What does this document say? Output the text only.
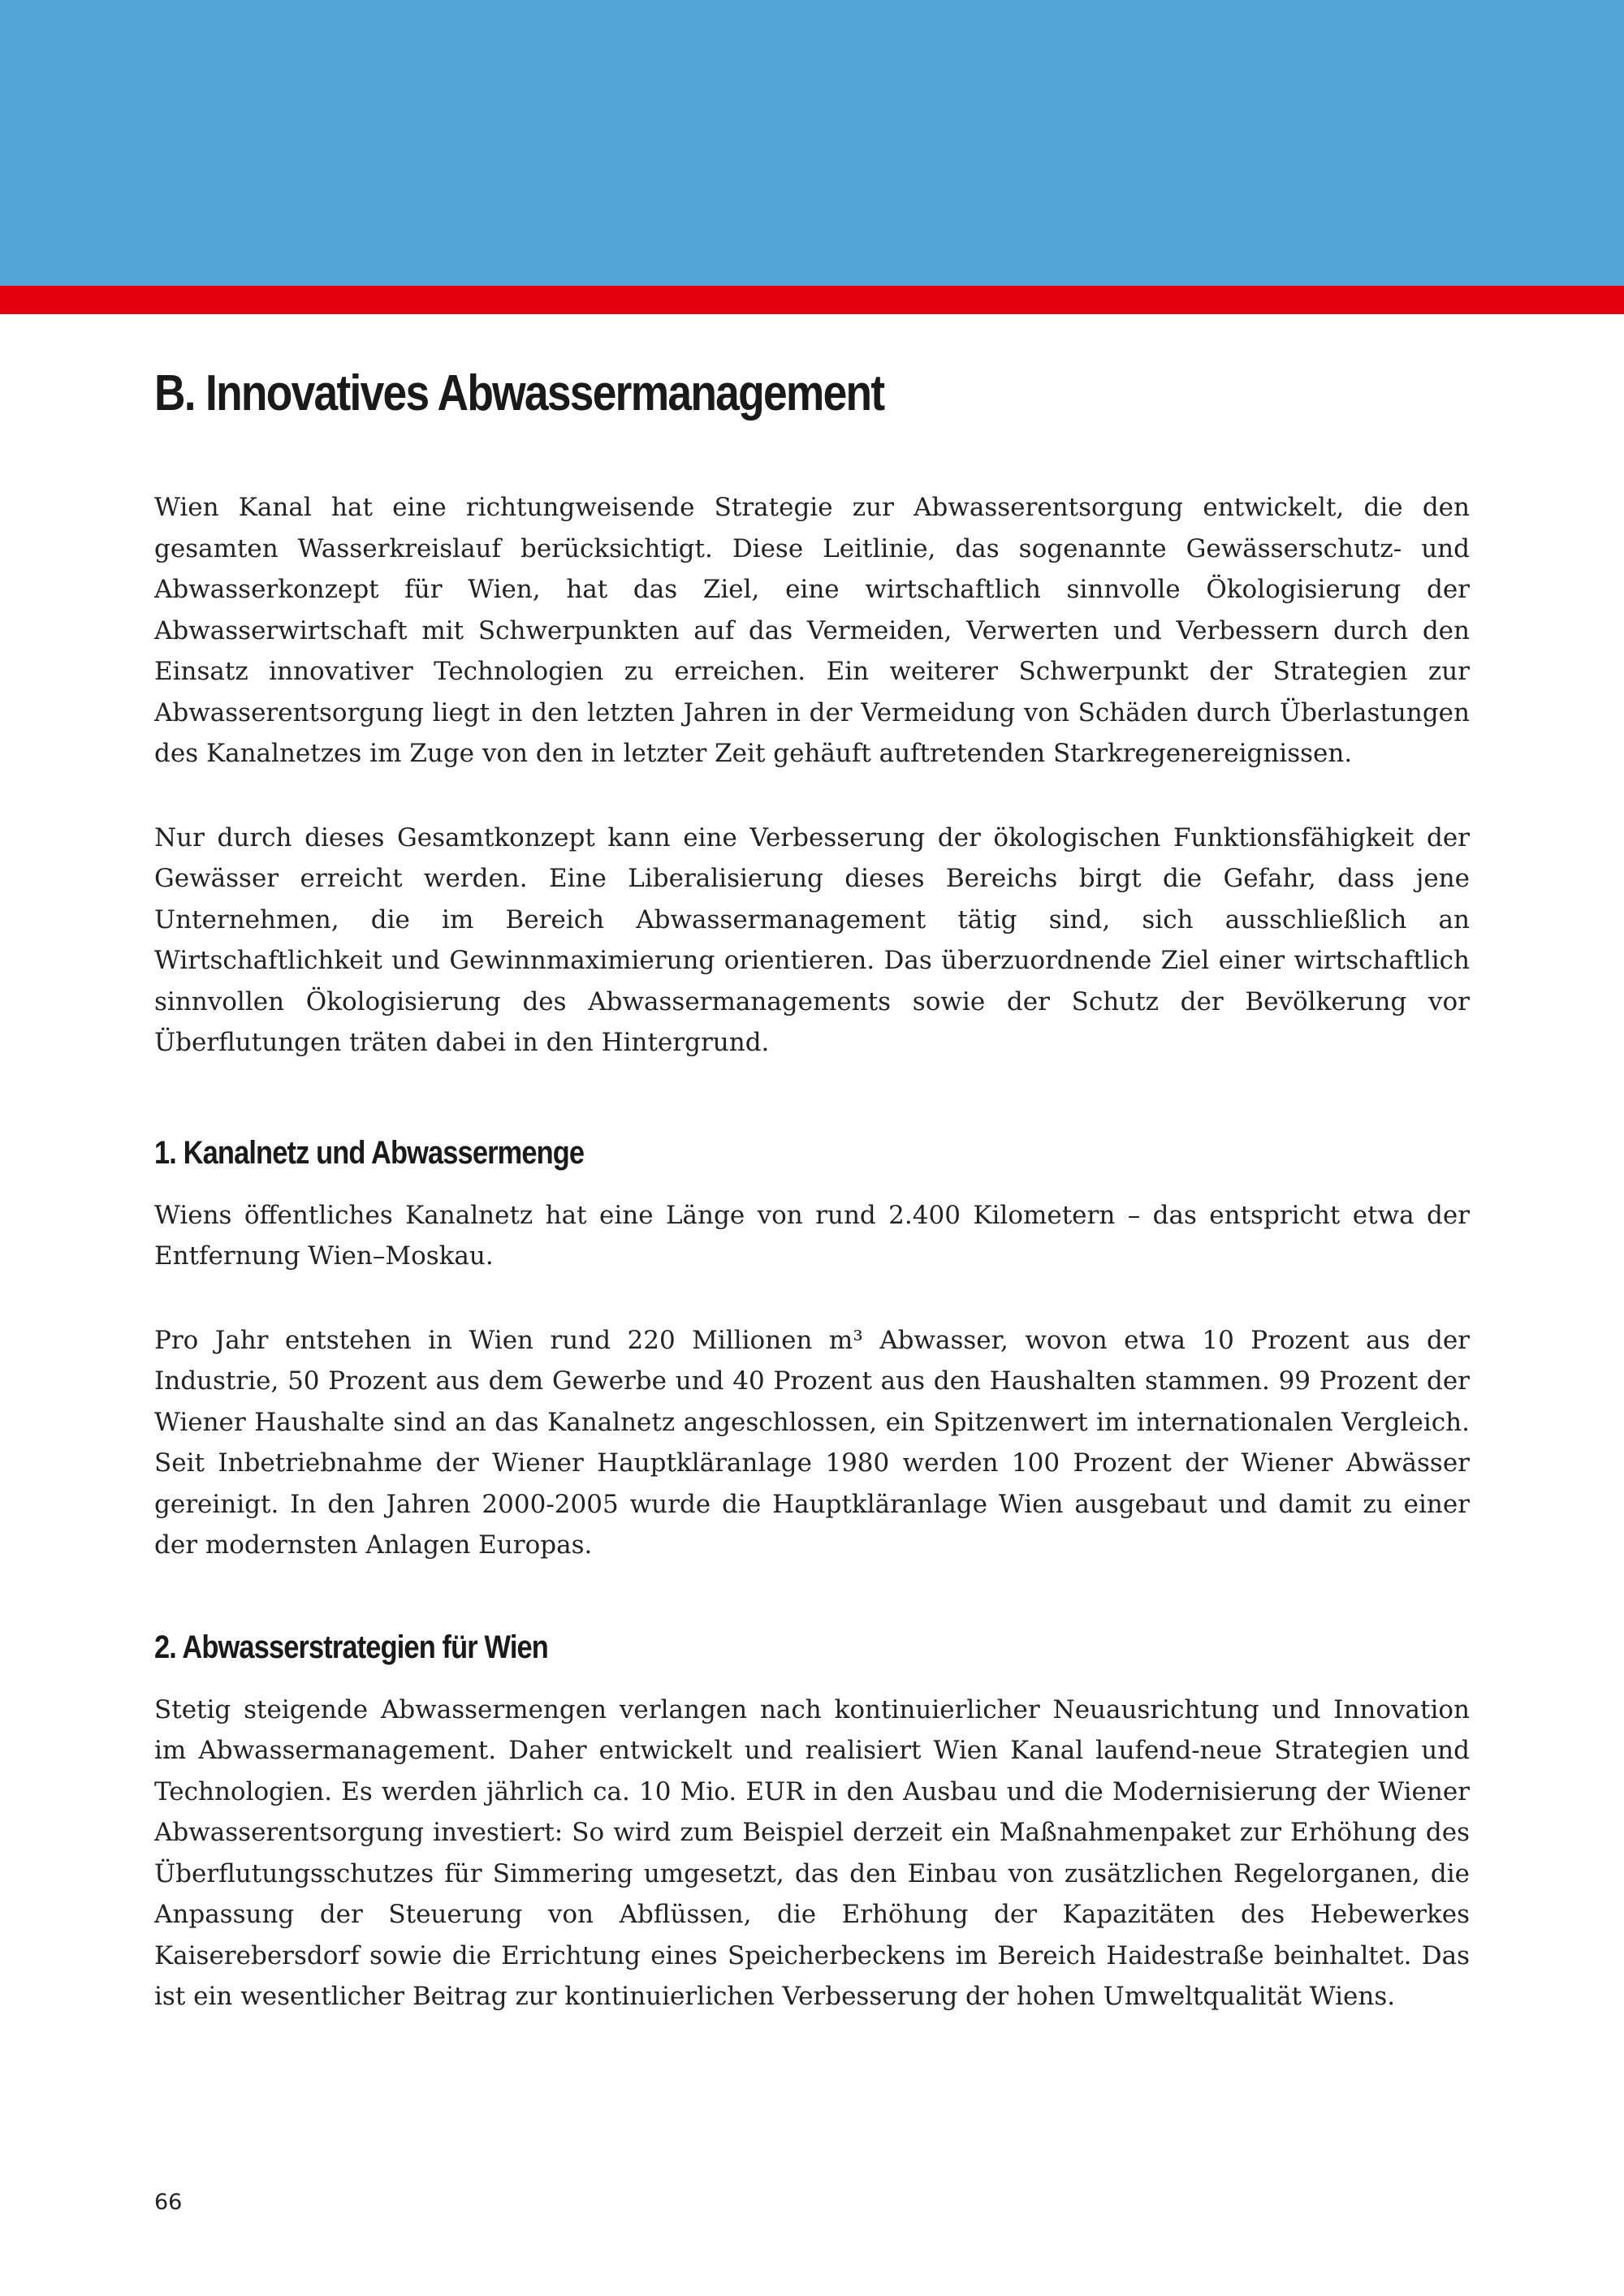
B. Innovatives Abwassermanagement

Wien Kanal hat eine richtungweisende Strategie zur Abwasserentsorgung entwickelt, die den gesamten Wasserkreislauf berücksichtigt. Diese Leitlinie, das sogenannte Gewässerschutz- und Abwasserkonzept für Wien, hat das Ziel, eine wirtschaftlich sinnvolle Ökologisierung der Abwasserwirtschaft mit Schwerpunkten auf das Vermeiden, Verwerten und Verbessern durch den Einsatz innovativer Technologien zu erreichen. Ein weiterer Schwerpunkt der Strategien zur Abwasserentsorgung liegt in den letzten Jahren in der Vermeidung von Schäden durch Überlastungen des Kanalnetzes im Zuge von den in letzter Zeit gehäuft auftretenden Starkregenereignissen.

Nur durch dieses Gesamtkonzept kann eine Verbesserung der ökologischen Funktionsfähigkeit der Gewässer erreicht werden. Eine Liberalisierung dieses Bereichs birgt die Gefahr, dass jene Unternehmen, die im Bereich Abwassermanagement tätig sind, sich ausschließlich an Wirtschaftlichkeit und Gewinnmaximierung orientieren. Das überzuordnende Ziel einer wirtschaftlich sinnvollen Ökologisierung des Abwassermanagements sowie der Schutz der Bevölkerung vor Überflutungen träten dabei in den Hintergrund.

1. Kanalnetz und Abwassermenge

Wiens öffentliches Kanalnetz hat eine Länge von rund 2.400 Kilometern – das entspricht etwa der Entfernung Wien–Moskau.

Pro Jahr entstehen in Wien rund 220 Millionen m³ Abwasser, wovon etwa 10 Prozent aus der Industrie, 50 Prozent aus dem Gewerbe und 40 Prozent aus den Haushalten stammen. 99 Prozent der Wiener Haushalte sind an das Kanalnetz angeschlossen, ein Spitzenwert im internationalen Vergleich. Seit Inbetriebnahme der Wiener Hauptkläranlage 1980 werden 100 Prozent der Wiener Abwässer gereinigt. In den Jahren 2000-2005 wurde die Hauptkläranlage Wien ausgebaut und damit zu einer der modernsten Anlagen Europas.

2. Abwasserstrategien für Wien

Stetig steigende Abwassermengen verlangen nach kontinuierlicher Neuausrichtung und Innovation im Abwassermanagement. Daher entwickelt und realisiert Wien Kanal laufend-neue Strategien und Technologien. Es werden jährlich ca. 10 Mio. EUR in den Ausbau und die Modernisierung der Wiener Abwasserentsorgung investiert: So wird zum Beispiel derzeit ein Maßnahmenpaket zur Erhöhung des Überflutungsschutzes für Simmering umgesetzt, das den Einbau von zusätzlichen Regelorganen, die Anpassung der Steuerung von Abflüssen, die Erhöhung der Kapazitäten des Hebewerkes Kaiserebersdorf sowie die Errichtung eines Speicherbeckens im Bereich Haidestraße beinhaltet. Das ist ein wesentlicher Beitrag zur kontinuierlichen Verbesserung der hohen Umweltqualität Wiens.

66
